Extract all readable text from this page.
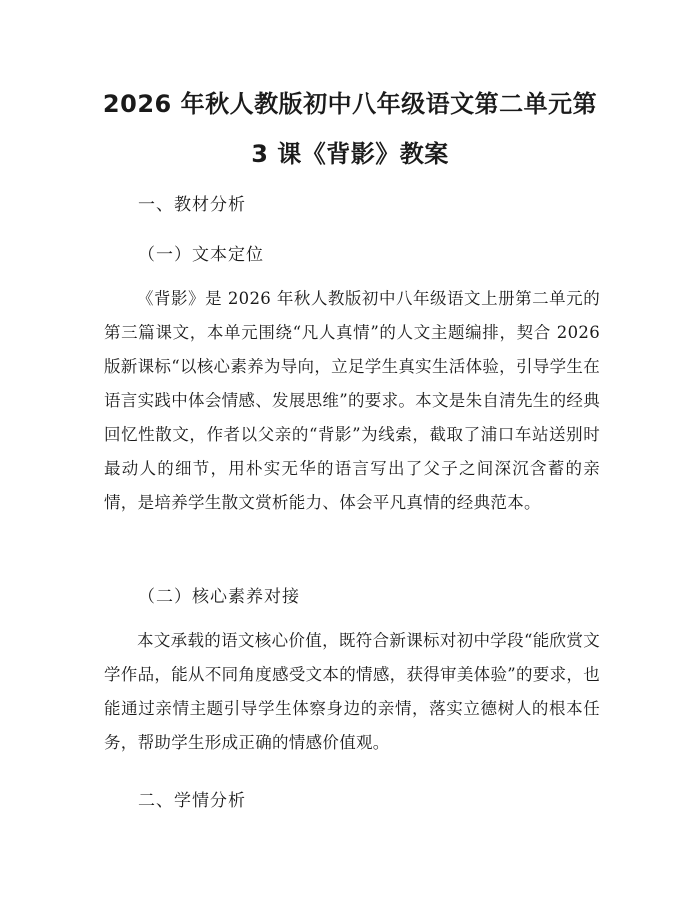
2026 年秋人教版初中八年级语文第二单元第
3 课《背影》教案

一、教材分析

（一）文本定位

《背影》是 2026 年秋人教版初中八年级语文上册第二单元的第三篇课文，本单元围绕“凡人真情”的人文主题编排，契合 2026 版新课标“以核心素养为导向，立足学生真实生活体验，引导学生在语言实践中体会情感、发展思维”的要求。本文是朱自清先生的经典回忆性散文，作者以父亲的“背影”为线索，截取了浦口车站送别时最动人的细节，用朴实无华的语言写出了父子之间深沉含蓄的亲情，是培养学生散文赏析能力、体会平凡真情的经典范本。

（二）核心素养对接

本文承载的语文核心价值，既符合新课标对初中学段“能欣赏文学作品，能从不同角度感受文本的情感，获得审美体验”的要求，也能通过亲情主题引导学生体察身边的亲情，落实立德树人的根本任务，帮助学生形成正确的情感价值观。

二、学情分析
